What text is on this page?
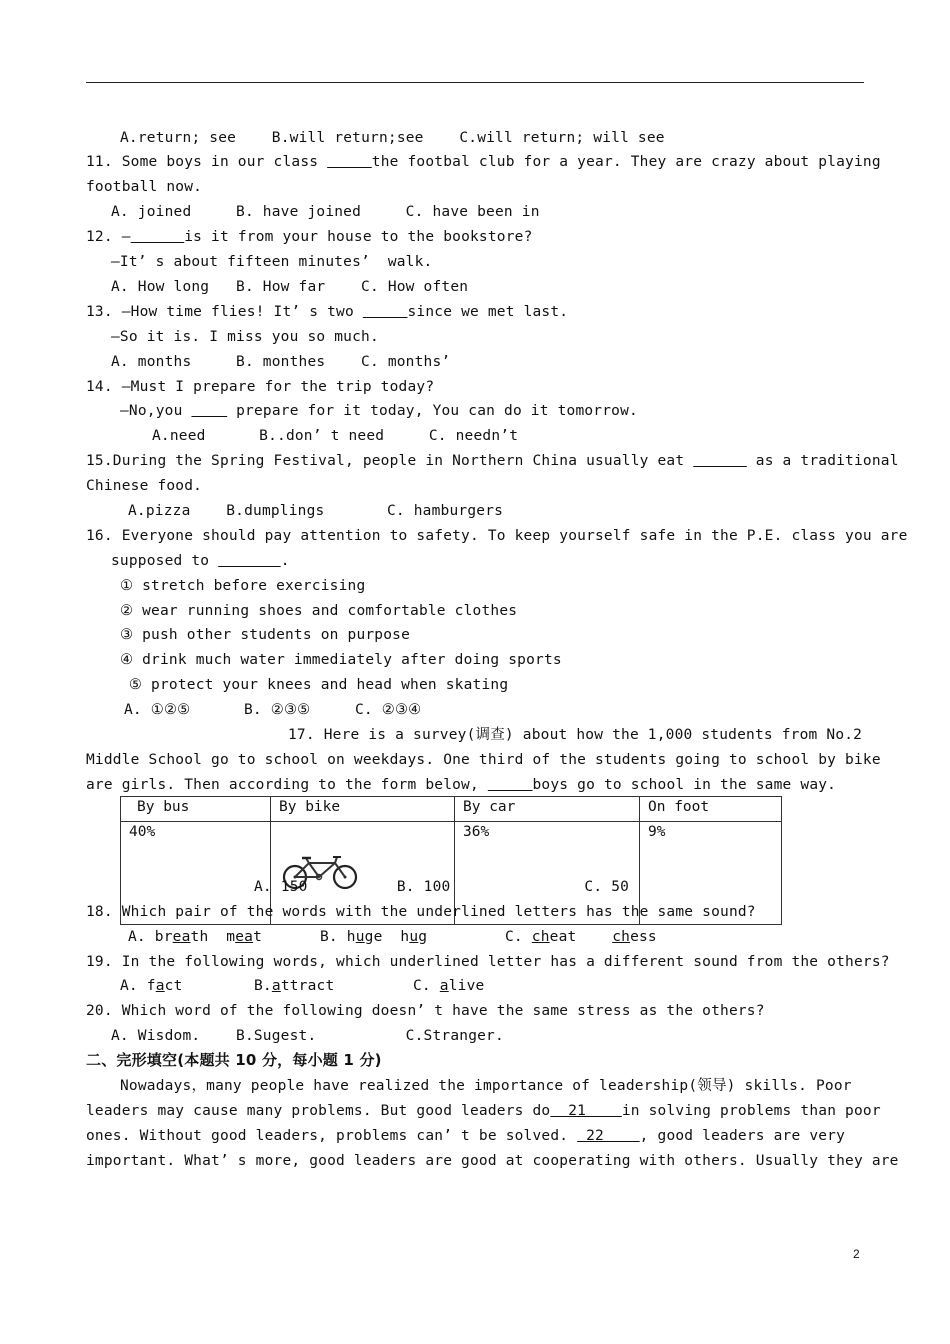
A.return; see    B.will return;see    C.will return; will see
11. Some boys in our class	the footbal club for a year. They are crazy about playing
football now.
A. joined     B. have joined     C. have been in
12. —	is it from your house to the bookstore?
—It’ s about fifteen minutes’  walk.
A. How long   B. How far    C. How often
13. —How time flies! It’ s two	since we met last.
—So it is. I miss you so much.
A. months     B. monthes    C. months’
14. —Must I prepare for the trip today?
—No,you      prepare for it today, You can do it tomorrow.
A.need      B..don’ t need     C. needn’t
15.During the Spring Festival, people in Northern China usually eat	as a traditional
Chinese food.
A.pizza    B.dumplings       C. hamburgers
16. Everyone should pay attention to safety. To keep yourself safe in the P.E. class you are
supposed to	.
① stretch before exercising
② wear running shoes and comfortable clothes
③ push other students on purpose
④ drink much water immediately after doing sports
⑤ protect your knees and head when skating
A. ①②⑤      B. ②③⑤     C. ②③④
17. Here is a survey(调查) about how the 1,000 students from No.2
Middle School go to school on weekdays. One third of the students going to school by bike
are girls. Then according to the form below,	boys go to school in the same way.
By bus	By bike	By car	On foot
40%		36%	9%
A. 150          B. 100               C. 50
18. Which pair of the words with the underlined letters has the same sound?
A. breath  meat	B. huge  hug	C. cheat    chess
19. In the following words, which underlined letter has a different sound from the others?
A. fact	B.attract	C. alive
20. Which word of the following doesn’ t have the same stress as the others?
A. Wisdom.    B.Sugest.          C.Stranger.
二、完形填空(本题共 10 分，每小题 1 分)
Nowadays，many people have realized the importance of leadership(领导) skills. Poor
leaders may cause many problems. But good leaders do  21    in solving problems than poor
ones. Without good leaders, problems can’ t be solved.  22    , good leaders are very
important. What’ s more, good leaders are good at cooperating with others. Usually they are
2
